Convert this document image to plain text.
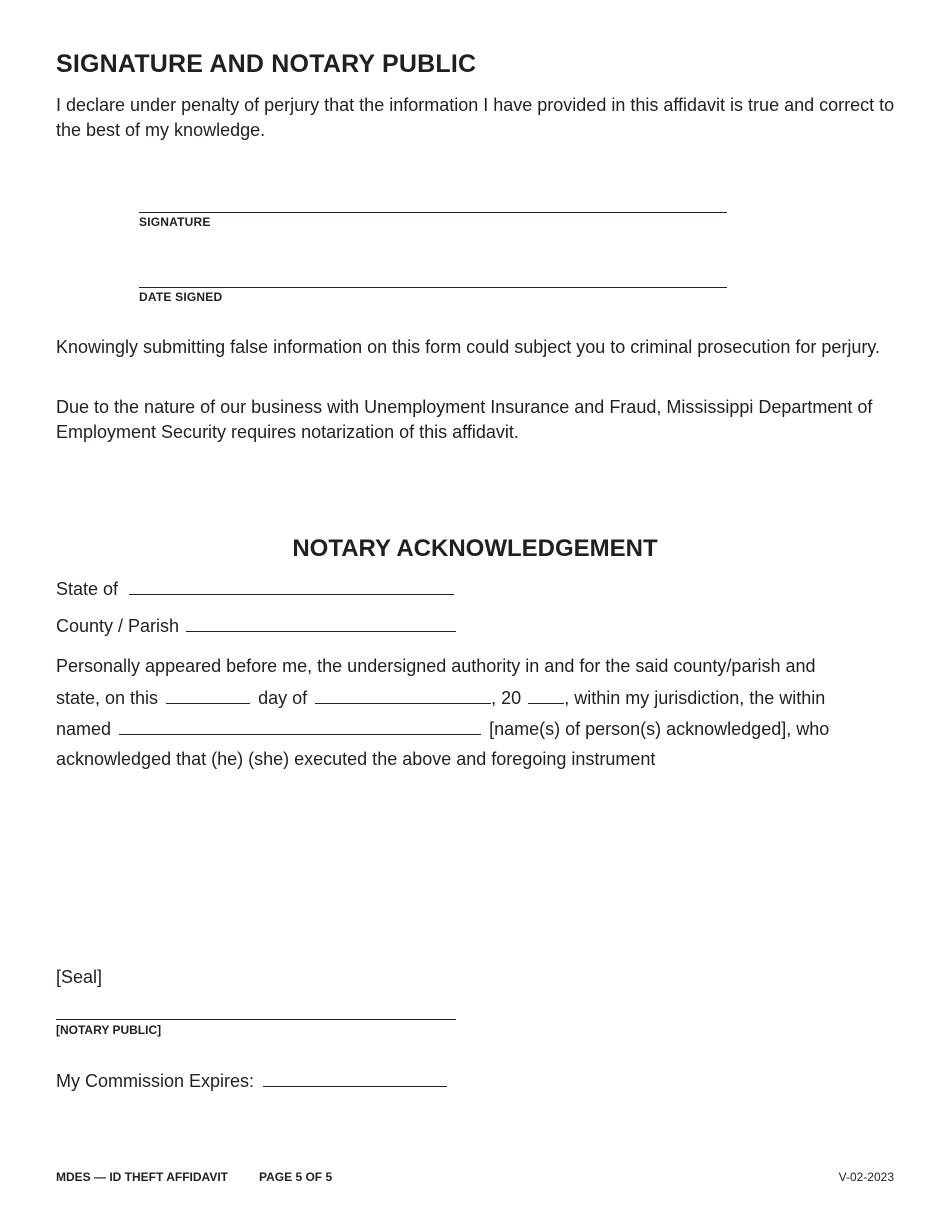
SIGNATURE AND NOTARY PUBLIC
I declare under penalty of perjury that the information I have provided in this affidavit is true and correct to the best of my knowledge.
SIGNATURE
DATE SIGNED
Knowingly submitting false information on this form could subject you to criminal prosecution for perjury.
Due to the nature of our business with Unemployment Insurance and Fraud, Mississippi Department of Employment Security requires notarization of this affidavit.
NOTARY ACKNOWLEDGEMENT
State of
County / Parish
Personally appeared before me, the undersigned authority in and for the said county/parish and
state, on this	day of	, 20 , within my jurisdiction, the within
named	[name(s) of person(s) acknowledged], who
acknowledged that (he) (she) executed the above and foregoing instrument
[Seal]
[NOTARY PUBLIC]
My Commission Expires:
MDES — ID THEFT AFFIDAVIT	PAGE 5 OF 5	V-02-2023
